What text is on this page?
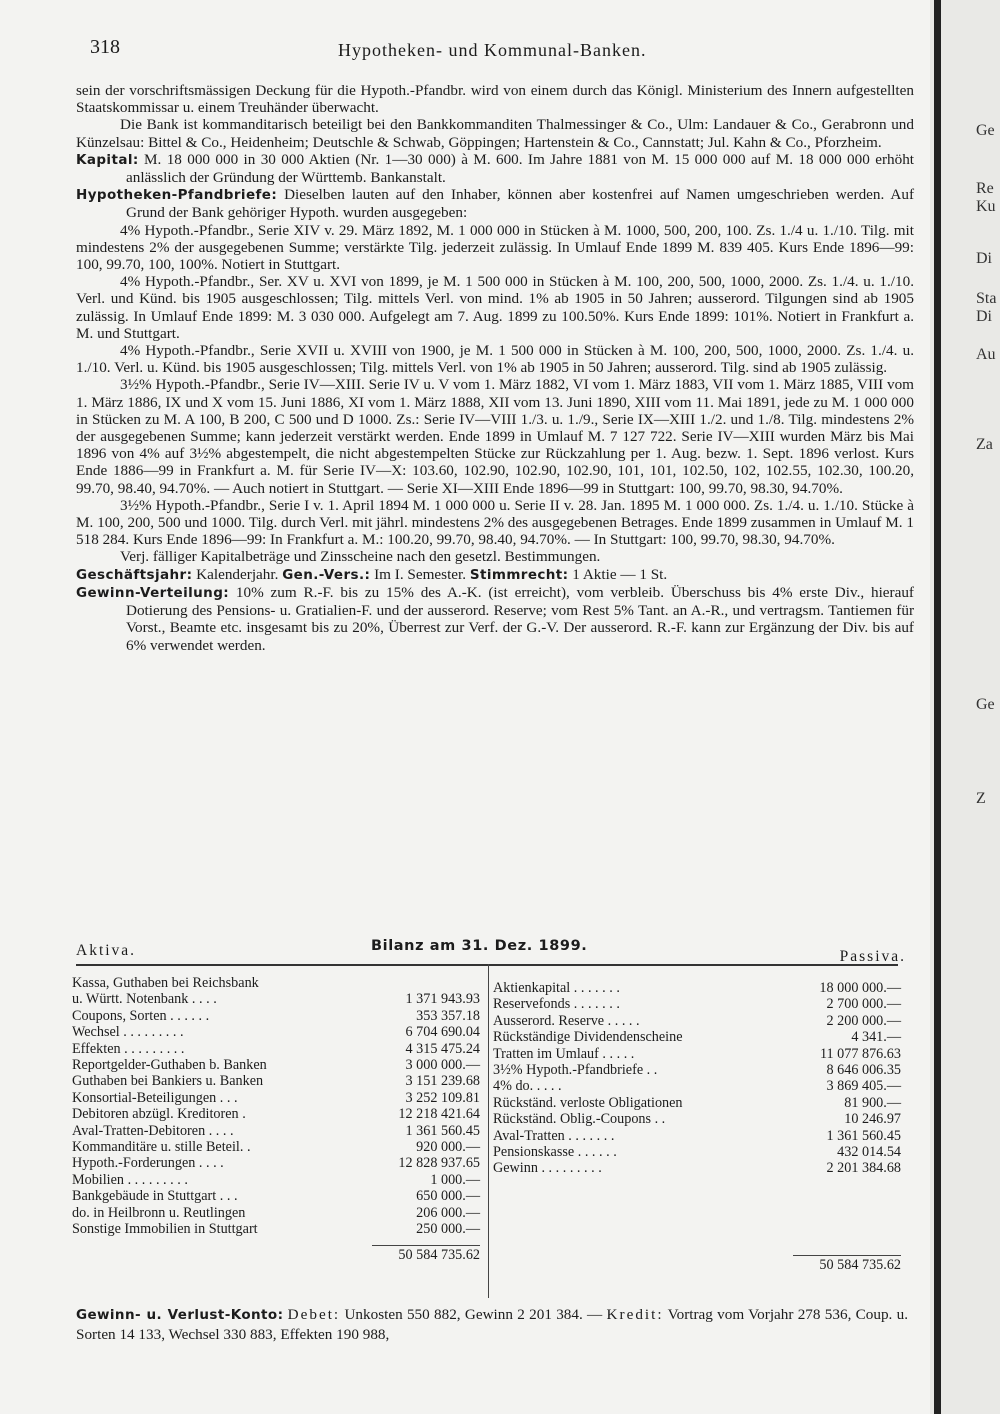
Ge
Re
Ku
Di
Sta
Di
Au
Za
Ge
Z
318	Hypotheken- und Kommunal-Banken.

sein der vorschriftsmässigen Deckung für die Hypoth.-Pfandbr. wird von einem durch das Königl. Ministerium des Innern aufgestellten Staatskommissar u. einem Treuhänder überwacht.

Die Bank ist kommanditarisch beteiligt bei den Bankkommanditen Thalmessinger & Co., Ulm: Landauer & Co., Gerabronn und Künzelsau: Bittel & Co., Heidenheim; Deutschle & Schwab, Göppingen; Hartenstein & Co., Cannstatt; Jul. Kahn & Co., Pforzheim.

Kapital: M. 18 000 000 in 30 000 Aktien (Nr. 1—30 000) à M. 600. Im Jahre 1881 von M. 15 000 000 auf M. 18 000 000 erhöht anlässlich der Gründung der Württemb. Bankanstalt.

Hypotheken-Pfandbriefe: Dieselben lauten auf den Inhaber, können aber kostenfrei auf Namen umgeschrieben werden. Auf Grund der Bank gehöriger Hypoth. wurden ausgegeben:

4% Hypoth.-Pfandbr., Serie XIV v. 29. März 1892, M. 1 000 000 in Stücken à M. 1000, 500, 200, 100. Zs. 1./4 u. 1./10. Tilg. mit mindestens 2% der ausgegebenen Summe; verstärkte Tilg. jederzeit zulässig. In Umlauf Ende 1899 M. 839 405. Kurs Ende 1896—99: 100, 99.70, 100, 100%. Notiert in Stuttgart.

4% Hypoth.-Pfandbr., Ser. XV u. XVI von 1899, je M. 1 500 000 in Stücken à M. 100, 200, 500, 1000, 2000. Zs. 1./4. u. 1./10. Verl. und Künd. bis 1905 ausgeschlossen; Tilg. mittels Verl. von mind. 1% ab 1905 in 50 Jahren; ausserord. Tilgungen sind ab 1905 zulässig. In Umlauf Ende 1899: M. 3 030 000. Aufgelegt am 7. Aug. 1899 zu 100.50%. Kurs Ende 1899: 101%. Notiert in Frankfurt a. M. und Stuttgart.

4% Hypoth.-Pfandbr., Serie XVII u. XVIII von 1900, je M. 1 500 000 in Stücken à M. 100, 200, 500, 1000, 2000. Zs. 1./4. u. 1./10. Verl. u. Künd. bis 1905 ausgeschlossen; Tilg. mittels Verl. von 1% ab 1905 in 50 Jahren; ausserord. Tilg. sind ab 1905 zulässig.

3½% Hypoth.-Pfandbr., Serie IV—XIII. Serie IV u. V vom 1. März 1882, VI vom 1. März 1883, VII vom 1. März 1885, VIII vom 1. März 1886, IX und X vom 15. Juni 1886, XI vom 1. März 1888, XII vom 13. Juni 1890, XIII vom 11. Mai 1891, jede zu M. 1 000 000 in Stücken zu M. A 100, B 200, C 500 und D 1000. Zs.: Serie IV—VIII 1./3. u. 1./9., Serie IX—XIII 1./2. und 1./8. Tilg. mindestens 2% der ausgegebenen Summe; kann jederzeit verstärkt werden. Ende 1899 in Umlauf M. 7 127 722. Serie IV—XIII wurden März bis Mai 1896 von 4% auf 3½% abgestempelt, die nicht abgestempelten Stücke zur Rückzahlung per 1. Aug. bezw. 1. Sept. 1896 verlost. Kurs Ende 1886—99 in Frankfurt a. M. für Serie IV—X: 103.60, 102.90, 102.90, 102.90, 101, 101, 102.50, 102, 102.55, 102.30, 100.20, 99.70, 98.40, 94.70%. — Auch notiert in Stuttgart. — Serie XI—XIII Ende 1896—99 in Stuttgart: 100, 99.70, 98.30, 94.70%.

3½% Hypoth.-Pfandbr., Serie I v. 1. April 1894 M. 1 000 000 u. Serie II v. 28. Jan. 1895 M. 1 000 000. Zs. 1./4. u. 1./10. Stücke à M. 100, 200, 500 und 1000. Tilg. durch Verl. mit jährl. mindestens 2% des ausgegebenen Betrages. Ende 1899 zusammen in Umlauf M. 1 518 284. Kurs Ende 1896—99: In Frankfurt a. M.: 100.20, 99.70, 98.40, 94.70%. — In Stuttgart: 100, 99.70, 98.30, 94.70%.

Verj. fälliger Kapitalbeträge und Zinsscheine nach den gesetzl. Bestimmungen.

Geschäftsjahr: Kalenderjahr. Gen.-Vers.: Im I. Semester. Stimmrecht: 1 Aktie — 1 St.

Gewinn-Verteilung: 10% zum R.-F. bis zu 15% des A.-K. (ist erreicht), vom verbleib. Überschuss bis 4% erste Div., hierauf Dotierung des Pensions- u. Gratialien-F. und der ausserord. Reserve; vom Rest 5% Tant. an A.-R., und vertragsm. Tantiemen für Vorst., Beamte etc. insgesamt bis zu 20%, Überrest zur Verf. der G.-V. Der ausserord. R.-F. kann zur Ergänzung der Div. bis auf 6% verwendet werden.

Aktiva.	Bilanz am 31. Dez. 1899.
Passiva.
Kassa, Guthaben bei Reichsbank
u. Württ. Notenbank . . . .	1 371 943.93
Coupons, Sorten . . . . . .	353 357.18
Wechsel . . . . . . . . .	6 704 690.04
Effekten . . . . . . . . .	4 315 475.24
Reportgelder-Guthaben b. Banken	3 000 000.—
Guthaben bei Bankiers u. Banken	3 151 239.68
Konsortial-Beteiligungen . . .	3 252 109.81
Debitoren abzügl. Kreditoren .	12 218 421.64
Aval-Tratten-Debitoren . . . .	1 361 560.45
Kommanditäre u. stille Beteil. .	920 000.—
Hypoth.-Forderungen . . . .	12 828 937.65
Mobilien . . . . . . . . .	1 000.—
Bankgebäude in Stuttgart . . .	650 000.—
do. in Heilbronn u. Reutlingen	206 000.—
Sonstige Immobilien in Stuttgart	250 000.—
50 584 735.62
Aktienkapital . . . . . . .	18 000 000.—
Reservefonds . . . . . . .	2 700 000.—
Ausserord. Reserve . . . . .	2 200 000.—
Rückständige Dividendenscheine	4 341.—
Tratten im Umlauf . . . . .	11 077 876.63
3½% Hypoth.-Pfandbriefe . .	8 646 006.35
4% do. . . . .	3 869 405.—
Rückständ. verloste Obligationen	81 900.—
Rückständ. Oblig.-Coupons . .	10 246.97
Aval-Tratten . . . . . . .	1 361 560.45
Pensionskasse . . . . . .	432 014.54
Gewinn . . . . . . . . .	2 201 384.68
50 584 735.62

Gewinn- u. Verlust-Konto: Debet: Unkosten 550 882, Gewinn 2 201 384. — Kredit: Vortrag vom Vorjahr 278 536, Coup. u. Sorten 14 133, Wechsel 330 883, Effekten 190 988,
